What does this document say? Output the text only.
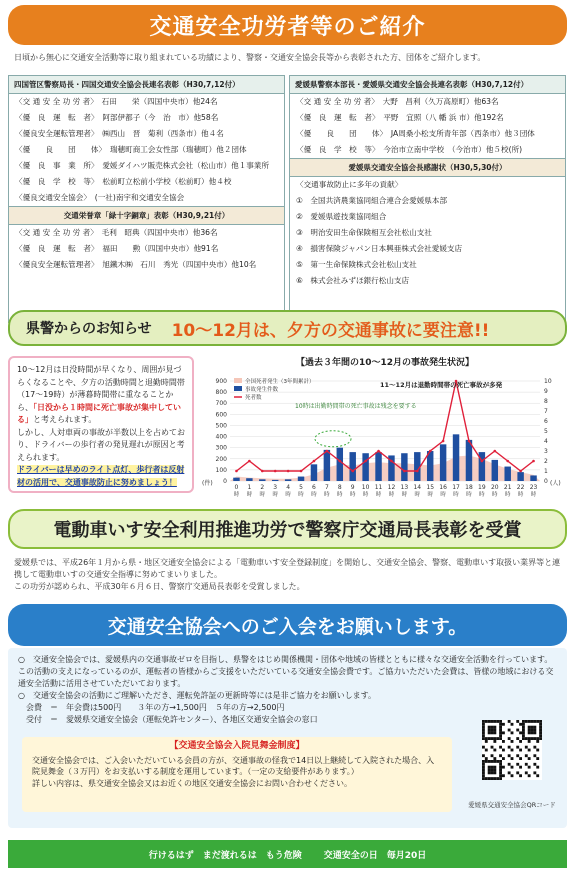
交通安全功労者等のご紹介
日頃から無心に交通安全活動等に取り組まれている功績により、警察・交通安全協会長等から表彰された方、団体をご紹介します。
四国管区警察局長・四国交通安全協会長連名表彰（H30,7,12付）
〈交 通 安 全 功 労 者〉　石田　　栄（四国中央市）他24名
〈優　良　運　転　者〉　阿部伊都子（今　治　市）他58名
〈優良安全運転管理者〉　㈱西山　晋　菊利（西条市）他４名
〈優　　良　　団　　体〉　瑞穂町商工会女性部（瑞穂町）他２団体
〈優　良　事　業　所〉　愛媛ダイハツ販売株式会社（松山市）他１事業所
〈優　良　学　校　等〉　松前町立松前小学校（松前町）他４校
〈優良交通安全協会〉　(一社)南宇和交通安全協会
交通栄誉章「緑十字銅章」表彰（H30,9,21付）
〈交 通 安 全 功 労 者〉　毛利　昭典（四国中央市）他36名
〈優　良　運　転　者〉　福田　　勲（四国中央市）他91名
〈優良安全運転管理者〉　旭鐵木㈱　石川　秀光（四国中央市）他10名
愛媛県警察本部長・愛媛県交通安全協会長連名表彰（H30,7,12付）
〈交 通 安 全 功 労 者〉　大野　昌利（久万高原町）他63名
〈優　良　運　転　者〉　平野　宜照（八 幡 浜 市）他192名
〈優　　良　　団　　体〉　JA周桑小松支所青年部（西条市）他３団体
〈優　良　学　校　等〉　今治市立南中学校　（今治市）他５校(所)
愛媛県交通安全協会長感謝状（H30,5,30付）
〈交通事故防止に多年の貢献〉
①　全国共済農業協同組合連合会愛媛県本部
②　愛媛県遊技業協同組合
③　明治安田生命保険相互会社松山支社
④　損害保険ジャパン日本興亜株式会社愛媛支店
⑤　第一生命保険株式会社松山支社
⑥　株式会社みずほ銀行松山支店
県警からのお知らせ 10～12月は、夕方の交通事故に要注意!!
10～12月は日没時間が早くなり、周囲が見づらくなることや、夕方の活動時間と退勤時間帯（17～19時）が薄暮時間帯に重なることから、「日没から１時間に死亡事故が集中している」と考えられます。
しかし、人対車両の事故が半数以上を占めており、ドライバーの歩行者の発見遅れが原因と考えられます。
ドライバーは早めのライト点灯、歩行者は反射材の活用で、交通事故防止に努めましょう！
【過去３年間の10～12月の事故発生状況】
0
100
200
300
400
500
600
700
800
900
0
1
2
3
4
5
6
7
8
9
10
0
時
1
時
2
時
3
時
4
時
5
時
6
時
7
時
8
時
9
時
10
時
11
時
12
時
13
時
14
時
15
時
16
時
17
時
18
時
19
時
20
時
21
時
22
時
23
時
(件)	(人)
全国死者発生（3年間累計）
事故発生件数
死者数
11～12月は退勤時間帯の死亡事故が多発
10時は出勤時間帯の死亡事故は残念を要する
電動車いす安全利用推進功労で警察庁交通局長表彰を受賞
愛媛県では、平成26年１月から県・地区交通安全協会による「電動車いす安全登録制度」を開始し、交通安全協会、警察、電動車いす取扱い業界等と連携して電動車いすの交通安全指導に努めてまいりました。
この功労が認められ、平成30年６月６日、警察庁交通局長表彰を受賞しました。
交通安全協会へのご入会をお願いします。
○　交通安全協会では、愛媛県内の交通事故ゼロを目指し、県警をはじめ関係機関・団体や地域の皆様とともに様々な交通安全活動を行っています。この活動の支えになっているのが、運転者の皆様からご支援をいただいている交通安全協会費です。ご協力いただいた会費は、皆様の地域における交通安全活動に活用させていただいております。
○　交通安全協会の活動にご理解いただき、運転免許証の更新時等には是非ご協力をお願いします。
会費　＝　年会費は500円　　３年の方→1,500円　５年の方→2,500円
受付　＝　愛媛県交通安全協会（運転免許センター）、各地区交通安全協会の窓口
【交通安全協会入院見舞金制度】
交通安全協会では、ご入会いただいている会員の方が、交通事故の怪我で14日以上継続して入院された場合、入院見舞金（３万円）をお支払いする制度を運用しています。（一定の支給要件があります。）
詳しい内容は、県交通安全協会又はお近くの地区交通安全協会にお問い合わせください。
愛媛県交通安全協会QRコード
行けるはず　まだ渡れるは　もう危険 交通安全の日　毎月20日
